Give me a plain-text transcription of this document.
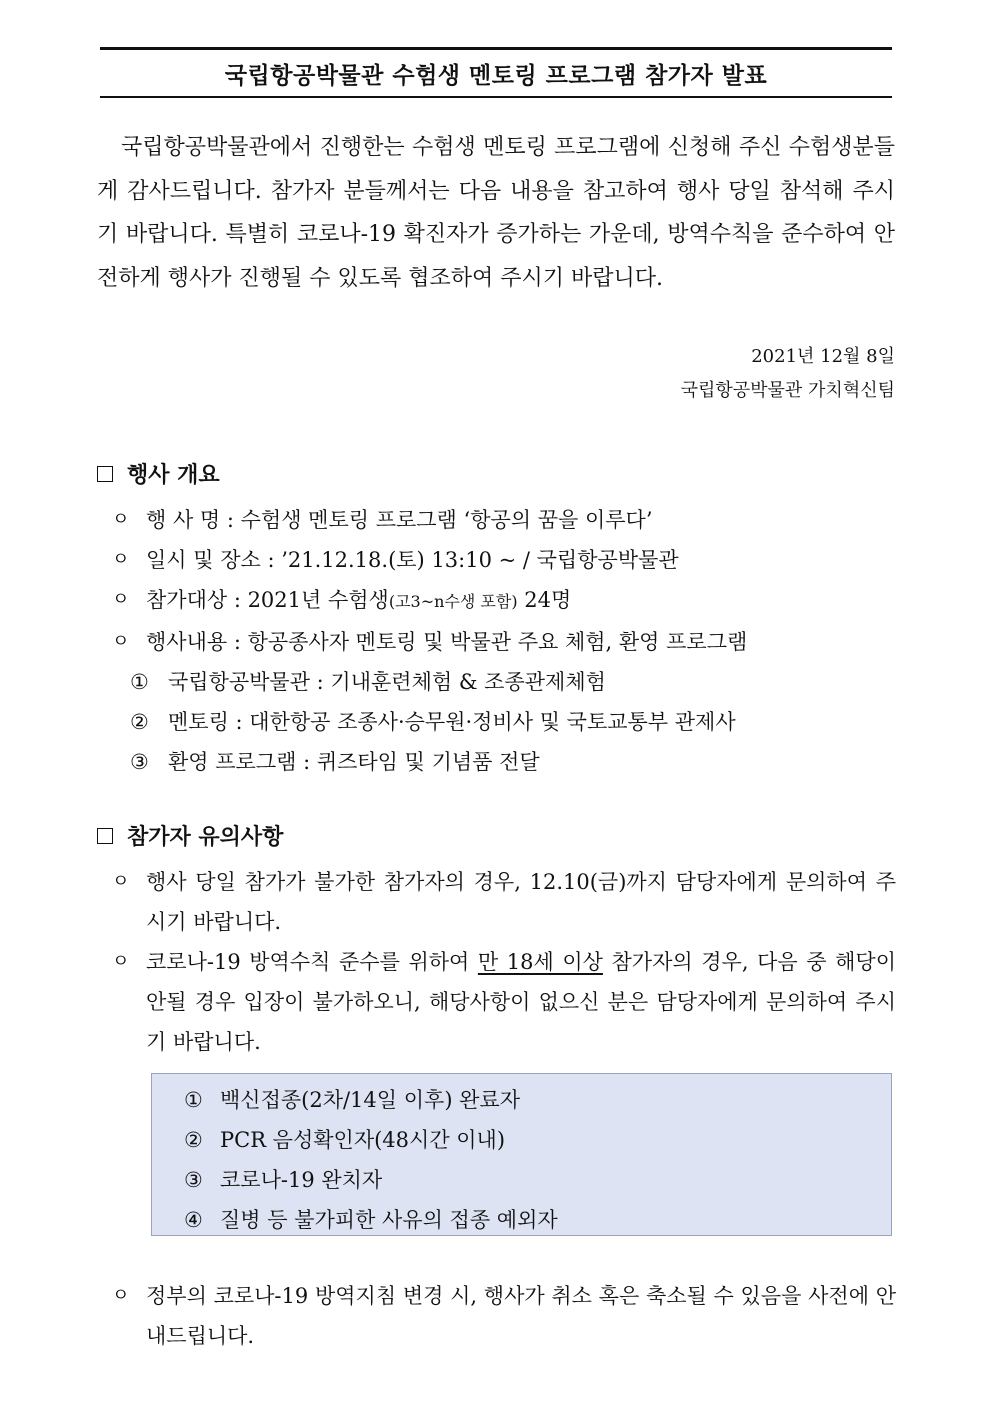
국립항공박물관 수험생 멘토링 프로그램 참가자 발표
국립항공박물관에서 진행한는 수험생 멘토링 프로그램에 신청해 주신 수험생분들게 감사드립니다. 참가자 분들께서는 다음 내용을 참고하여 행사 당일 참석해 주시기 바랍니다. 특별히 코로나-19 확진자가 증가하는 가운데, 방역수칙을 준수하여 안전하게 행사가 진행될 수 있도록 협조하여 주시기 바랍니다.
2021년 12월 8일
국립항공박물관 가치혁신팀
행사 개요
ㅇ 행 사 명 : 수험생 멘토링 프로그램 ‘항공의 꿈을 이루다’
ㅇ 일시 및 장소 : ’21.12.18.(토) 13:10 ~ / 국립항공박물관
ㅇ 참가대상 : 2021년 수험생(고3~n수생 포함) 24명
ㅇ 행사내용 : 항공종사자 멘토링 및 박물관 주요 체험, 환영 프로그램
① 국립항공박물관 : 기내훈련체험 & 조종관제체험
② 멘토링 : 대한항공 조종사·승무원·정비사 및 국토교통부 관제사
③ 환영 프로그램 : 퀴즈타임 및 기념품 전달
참가자 유의사항
ㅇ 행사 당일 참가가 불가한 참가자의 경우, 12.10(금)까지 담당자에게 문의하여 주시기 바랍니다.
ㅇ 코로나-19 방역수칙 준수를 위하여 만 18세 이상 참가자의 경우, 다음 중 해당이 안될 경우 입장이 불가하오니, 해당사항이 없으신 분은 담당자에게 문의하여 주시기 바랍니다.
① 백신접종(2차/14일 이후) 완료자
② PCR 음성확인자(48시간 이내)
③ 코로나-19 완치자
④ 질병 등 불가피한 사유의 접종 예외자
ㅇ 정부의 코로나-19 방역지침 변경 시, 행사가 취소 혹은 축소될 수 있음을 사전에 안내드립니다.
